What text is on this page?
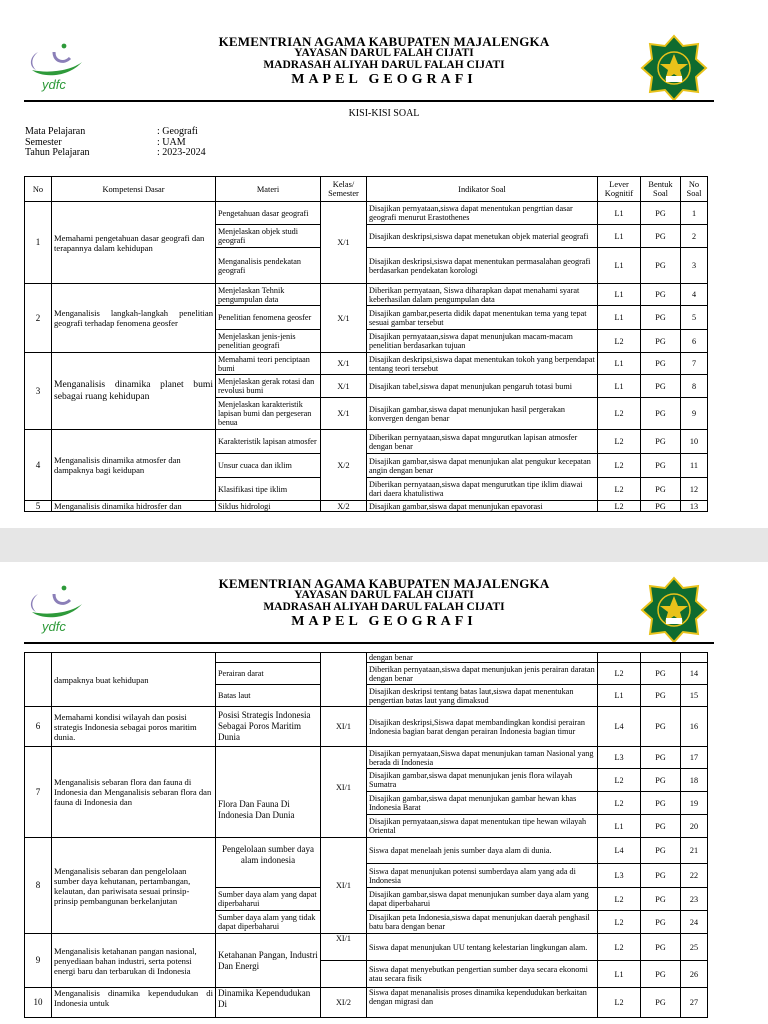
ydfc
KEMENTRIAN AGAMA KABUPATEN MAJALENGKA
YAYASAN DARUL FALAH CIJATI
MADRASAH ALIYAH DARUL FALAH CIJATI
MAPEL GEOGRAFI
KISI-KISI SOAL
Mata Pelajaran	: Geografi
Semester	: UAM
Tahun Pelajaran	: 2023-2024
No	Kompetensi Dasar	Materi	Kelas/ Semester	Indikator Soal	Lever Kognitif	Bentuk Soal	No Soal
1	Memahami pengetahuan dasar geografi dan terapannya dalam kehidupan	Pengetahuan dasar geografi	X/1	Disajikan pernyataan,siswa dapat menentukan pengrtian dasar geografi menurut Erastothenes	L1	PG	1
		Menjelaskan objek studi geografi		Disajikan deskripsi,siswa dapat menetukan objek material geografi	L1	PG	2
		Menganalisis pendekatan geografi		Disajikan deskripsi,siswa dapat menentukan permasalahan geografi berdasarkan pendekatan korologi	L1	PG	3
2	Menganalisis langkah-langkah penelitian geografi terhadap fenomena geosfer	Menjelaskan Tehnik pengumpulan data	X/1	Diberikan pernyataan, Siswa diharapkan dapat menahami syarat keberhasilan dalam pengumpulan data	L1	PG	4
		Penelitian fenomena geosfer		Disajikan gambar,peserta didik dapat menentukan tema yang tepat sesuai gambar tersebut	L1	PG	5
		Menjelaskan jenis-jenis penelitian geografi		Disajikan pernyataan,siswa dapat menunjukan macam-macam penelitian berdasarkan tujuan	L2	PG	6
3	Menganalisis dinamika planet bumi sebagai ruang kehidupan	Memahami teori penciptaan bumi	X/1	Disajikan deskripsi,siswa dapat menentukan tokoh yang berpendapat tentang teori tersebut	L1	PG	7
		Menjelaskan gerak rotasi dan revolusi bumi	X/1	Disajikan tabel,siswa dapat menunjukan pengaruh totasi bumi	L1	PG	8
		Menjelaskan karakteristik lapisan bumi dan pergeseran benua	X/1	Disajikan gambar,siswa dapat menunjukan hasil pergerakan konvergen dengan benar	L2	PG	9
4	Menganalisis dinamika atmosfer dan dampaknya bagi keidupan	Karakteristik lapisan atmosfer	X/2	Diberikan pernyataan,siswa dapat mngurutkan lapisan atmosfer dengan benar	L2	PG	10
		Unsur cuaca dan iklim		Disajikan gambar,siswa dapat menunjukan alat pengukur kecepatan angin dengan benar	L2	PG	11
		Klasifikasi tipe iklim		Diberikan pernyataan,siswa dapat mengurutkan tipe iklim diawai dari daera khatulistiwa	L2	PG	12
5	Menganalisis dinamika hidrosfer dan	Siklus hidrologi	X/2	Disajikan gambar,siswa dapat menunjukan epavorasi	L2	PG	13
ydfc
KEMENTRIAN AGAMA KABUPATEN MAJALENGKA
YAYASAN DARUL FALAH CIJATI
MADRASAH ALIYAH DARUL FALAH CIJATI
MAPEL GEOGRAFI
	dampaknya buat kehidupan			dengan benar			
		Perairan darat		Diberikan pernyataan,siswa dapat menunjukan jenis perairan daratan dengan benar	L2	PG	14
		Batas laut		Disajikan deskripsi tentang batas laut,siswa dapat menentukan pengertian batas laut yang dimaksud	L1	PG	15
6	Memahami kondisi wilayah dan posisi strategis Indonesia sebagai poros maritim dunia.	Posisi Strategis Indonesia Sebagai Poros Maritim Dunia	XI/1	Disajikan deskripsi,Siswa dapat membandingkan kondisi perairan Indonesia bagian barat dengan perairan Indonesia bagian timur	L4	PG	16
7	Menganalisis sebaran flora dan fauna di Indonesia dan Menganalisis sebaran flora dan fauna di Indonesia dan	Flora Dan Fauna Di Indonesia Dan Dunia	XI/1	Disajikan pernyataan,Siswa dapat menunjukan taman Nasional yang berada di Indonesia	L3	PG	17
				Disajikan gambar,siswa dapat menunjukan jenis flora wilayah Sumatra	L2	PG	18
				Disajikan gambar,siswa dapat menunjukan gambar hewan khas Indonesia Barat	L2	PG	19
				Disajikan pernyataan,siswa dapat menentukan tipe hewan wilayah Oriental	L1	PG	20
8	Menganalisis sebaran dan pengelolaan sumber daya kehutanan, pertambangan, kelautan, dan pariwisata sesuai prinsip-prinsip pembangunan berkelanjutan	Pengelolaan sumber daya alam indonesia	XI/1	Siswa dapat menelaah jenis sumber daya alam di dunia.	L4	PG	21
				Siswa dapat menunjukan potensi sumberdaya alam yang ada di Indonesia	L3	PG	22
		Sumber daya alam yang dapat diperbaharui		Disajikan gambar,siswa dapat menunjukan sumber daya alam yang dapat diperbaharui	L2	PG	23
		Sumber daya alam yang tidak dapat diperbaharui		Disajikan peta Indonesia,siswa dapat menunjukan daerah penghasil batu bara dengan benar	L2	PG	24
9	Menganalisis ketahanan pangan nasional, penyediaan bahan industri, serta potensi energi baru dan terbarukan di Indonesia	Ketahanan Pangan, Industri Dan Energi	XI/1	Siswa dapat menunjukan UU tentang kelestarian lingkungan alam.	L2	PG	25
				Siswa dapat menyebutkan pengertian sumber daya secara ekonomi atau secara fisik	L1	PG	26
10	Menganalisis dinamika kependudukan di Indonesia untuk	Dinamika Kependudukan Di	XI/2	Siswa dapat menanalisis proses dinamika kependudukan berkaitan dengan migrasi dan	L2	PG	27
